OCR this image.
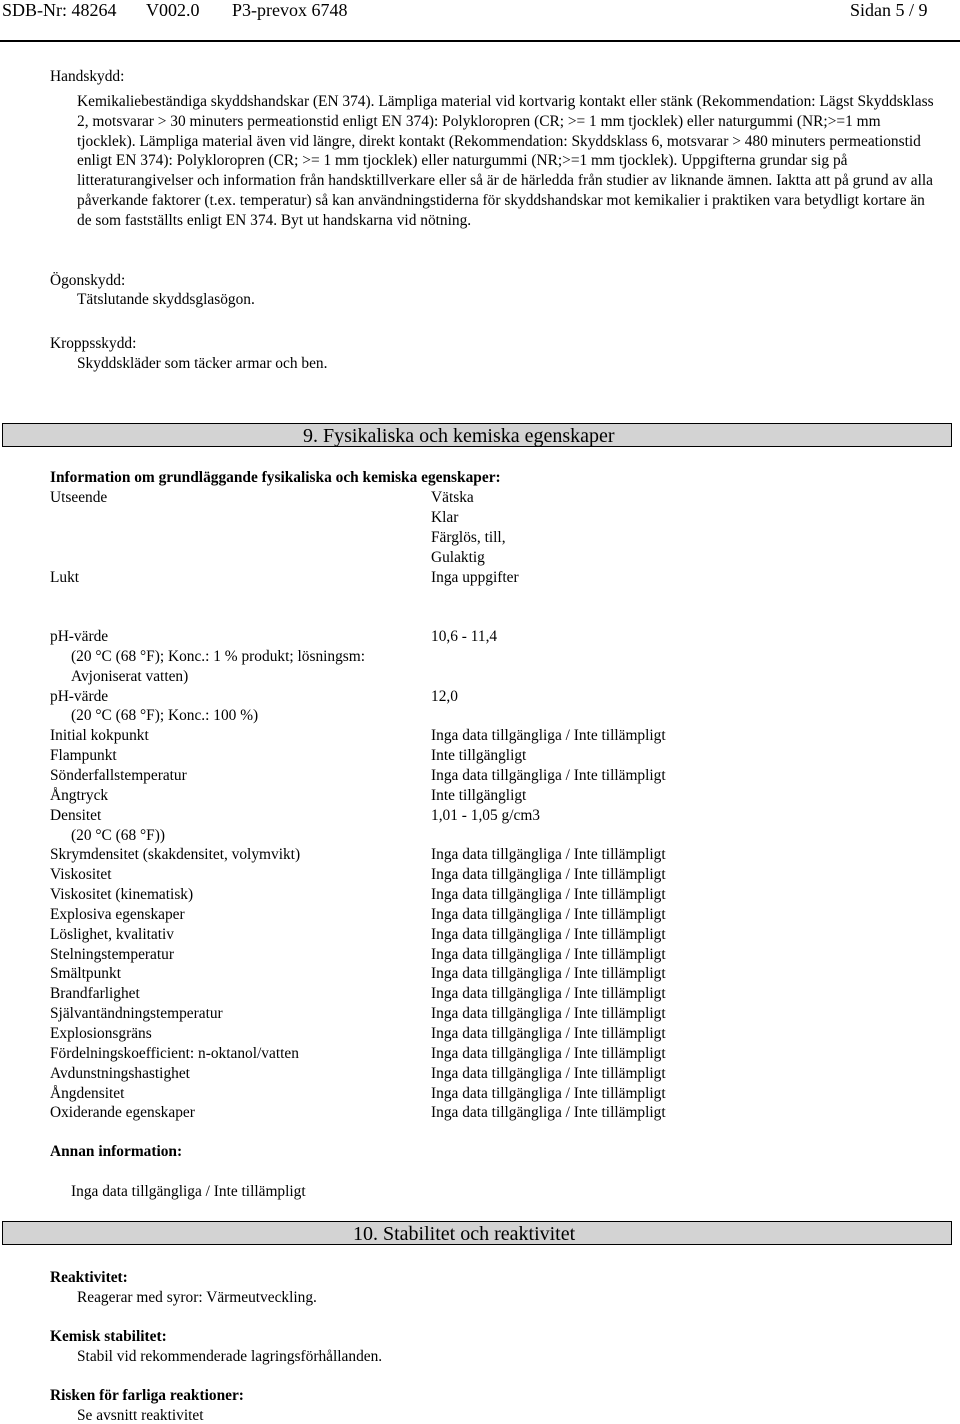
SDB-Nr: 48264 V002.0 P3-prevox 6748	Sidan 5 / 9
Handskydd:
Kemikaliebeständiga skyddshandskar (EN 374). Lämpliga material vid kortvarig kontakt eller stänk (Rekommendation: Lägst Skyddsklass 2, motsvarar > 30 minuters permeationstid enligt EN 374): Polykloropren (CR; >= 1 mm tjocklek) eller naturgummi (NR;>=1 mm tjocklek). Lämpliga material även vid längre, direkt kontakt (Rekommendation: Skyddsklass 6, motsvarar > 480 minuters permeationstid enligt EN 374): Polykloropren (CR; >= 1 mm tjocklek) eller naturgummi (NR;>=1 mm tjocklek). Uppgifterna grundar sig på litteraturangivelser och information från handsktillverkare eller så är de härledda från studier av liknande ämnen. Iaktta att på grund av alla påverkande faktorer (t.ex. temperatur) så kan användningstiderna för skyddshandskar mot kemikalier i praktiken vara betydligt kortare än de som fastställts enligt EN 374. Byt ut handskarna vid nötning.
Ögonskydd:
Tätslutande skyddsglasögon.
Kroppsskydd:
Skyddskläder som täcker armar och ben.
9. Fysikaliska och kemiska egenskaper
Information om grundläggande fysikaliska och kemiska egenskaper:
Utseende	Vätska
Klar
Färglös, till,
Gulaktig
Lukt	Inga uppgifter
pH-värde	10,6 - 11,4
(20 °C (68 °F); Konc.: 1 % produkt; lösningsm:
Avjoniserat vatten)
pH-värde	12,0
(20 °C (68 °F); Konc.: 100 %)
Initial kokpunkt	Inga data tillgängliga / Inte tillämpligt
Flampunkt	Inte tillgängligt
Sönderfallstemperatur	Inga data tillgängliga / Inte tillämpligt
Ångtryck	Inte tillgängligt
Densitet	1,01 - 1,05 g/cm3
(20 °C (68 °F))
Skrymdensitet (skakdensitet, volymvikt)	Inga data tillgängliga / Inte tillämpligt
Viskositet	Inga data tillgängliga / Inte tillämpligt
Viskositet (kinematisk)	Inga data tillgängliga / Inte tillämpligt
Explosiva egenskaper	Inga data tillgängliga / Inte tillämpligt
Löslighet, kvalitativ	Inga data tillgängliga / Inte tillämpligt
Stelningstemperatur	Inga data tillgängliga / Inte tillämpligt
Smältpunkt	Inga data tillgängliga / Inte tillämpligt
Brandfarlighet	Inga data tillgängliga / Inte tillämpligt
Självantändningstemperatur	Inga data tillgängliga / Inte tillämpligt
Explosionsgräns	Inga data tillgängliga / Inte tillämpligt
Fördelningskoefficient: n-oktanol/vatten	Inga data tillgängliga / Inte tillämpligt
Avdunstningshastighet	Inga data tillgängliga / Inte tillämpligt
Ångdensitet	Inga data tillgängliga / Inte tillämpligt
Oxiderande egenskaper	Inga data tillgängliga / Inte tillämpligt
Annan information:
Inga data tillgängliga / Inte tillämpligt
10. Stabilitet och reaktivitet
Reaktivitet:
Reagerar med syror: Värmeutveckling.
Kemisk stabilitet:
Stabil vid rekommenderade lagringsförhållanden.
Risken för farliga reaktioner:
Se avsnitt reaktivitet
